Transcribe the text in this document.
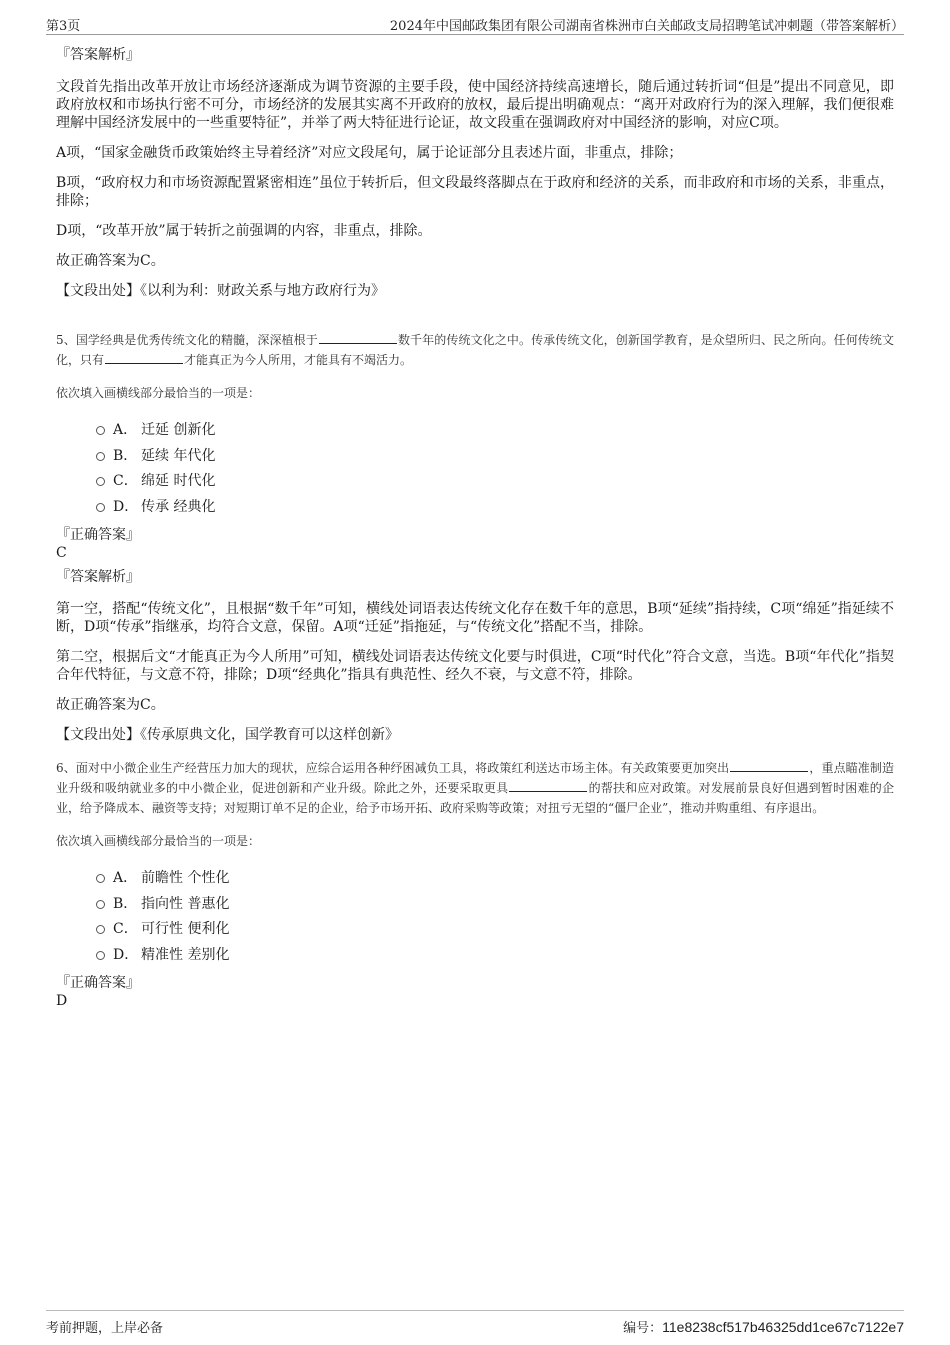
第3页	2024年中国邮政集团有限公司湖南省株洲市白关邮政支局招聘笔试冲刺题（带答案解析）
『答案解析』
文段首先指出改革开放让市场经济逐渐成为调节资源的主要手段，使中国经济持续高速增长，随后通过转折词“但是”提出不同意见，即政府放权和市场执行密不可分，市场经济的发展其实离不开政府的放权，最后提出明确观点：“离开对政府行为的深入理解，我们便很难理解中国经济发展中的一些重要特征”，并举了两大特征进行论证，故文段重在强调政府对中国经济的影响，对应C项。
A项，“国家金融货币政策始终主导着经济”对应文段尾句，属于论证部分且表述片面，非重点，排除；
B项，“政府权力和市场资源配置紧密相连”虽位于转折后，但文段最终落脚点在于政府和经济的关系，而非政府和市场的关系，非重点，排除；
D项，“改革开放”属于转折之前强调的内容，非重点，排除。
故正确答案为C。
【文段出处】《以利为利：财政关系与地方政府行为》
5、国学经典是优秀传统文化的精髓，深深植根于	数千年的传统文化之中。传承传统文化，创新国学教育，是众望所归、民之所向。任何传统文化，只有	才能真正为今人所用，才能具有不竭活力。
依次填入画横线部分最恰当的一项是：
A． 迁延 创新化
B． 延续 年代化
C． 绵延 时代化
D． 传承 经典化
『正确答案』
C
『答案解析』
第一空，搭配“传统文化”，且根据“数千年”可知，横线处词语表达传统文化存在数千年的意思，B项“延续”指持续，C项“绵延”指延续不断，D项“传承”指继承，均符合文意，保留。A项“迁延”指拖延，与“传统文化”搭配不当，排除。
第二空，根据后文“才能真正为今人所用”可知，横线处词语表达传统文化要与时俱进，C项“时代化”符合文意，当选。B项“年代化”指契合年代特征，与文意不符，排除；D项“经典化”指具有典范性、经久不衰，与文意不符，排除。
故正确答案为C。
【文段出处】《传承原典文化，国学教育可以这样创新》
6、面对中小微企业生产经营压力加大的现状，应综合运用各种纾困减负工具，将政策红利送达市场主体。有关政策要更加突出	，重点瞄准制造业升级和吸纳就业多的中小微企业，促进创新和产业升级。除此之外，还要采取更具	的帮扶和应对政策。对发展前景良好但遇到暂时困难的企业，给予降成本、融资等支持；对短期订单不足的企业，给予市场开拓、政府采购等政策；对扭亏无望的“僵尸企业”，推动并购重组、有序退出。
依次填入画横线部分最恰当的一项是：
A． 前瞻性 个性化
B． 指向性 普惠化
C． 可行性 便利化
D． 精准性 差别化
『正确答案』
D
考前押题，上岸必备	编号：11e8238cf517b46325dd1ce67c7122e7
